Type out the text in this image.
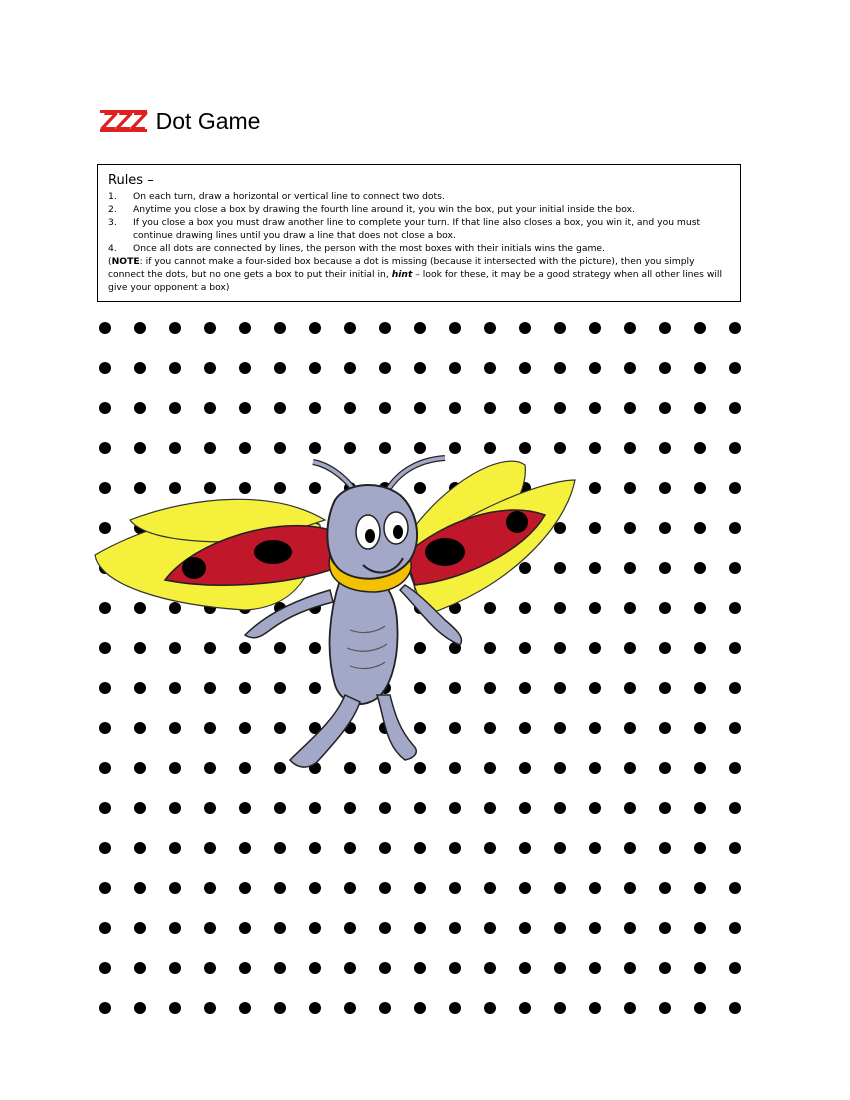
ZZZ Dot Game
Rules –
1.	On each turn, draw a horizontal or vertical line to connect two dots.
2.	Anytime you close a box by drawing the fourth line around it, you win the box, put your initial inside the box.
3.	If you close a box you must draw another line to complete your turn. If that line also closes a box, you win it, and you must continue drawing lines until you draw a line that does not close a box.
4.	Once all dots are connected by lines, the person with the most boxes with their initials wins the game.
(NOTE: if you cannot make a four-sided box because a dot is missing (because it intersected with the picture), then you simply connect the dots, but no one gets a box to put their initial in, hint – look for these, it may be a good strategy when all other lines will give your opponent a box)
